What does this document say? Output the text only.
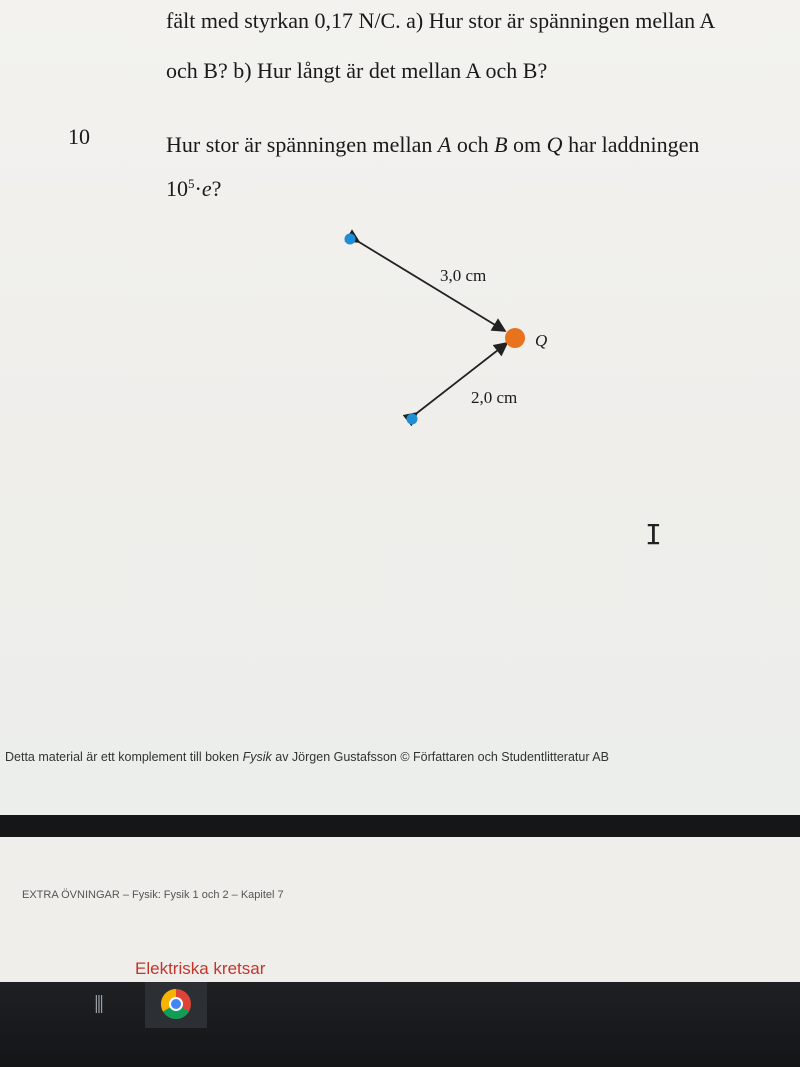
fält med styrkan 0,17 N/C. a) Hur stor är spänningen mellan A
och B? b) Hur långt är det mellan A och B?
10	Hur stor är spänningen mellan A och B om Q har laddningen
$10^5\cdot e$?
3,0 cm
2,0 cm
Q
I
Detta material är ett komplement till boken Fysik av Jörgen Gustafsson © Författaren och Studentlitteratur AB
EXTRA ÖVNINGAR – Fysik: Fysik 1 och 2 – Kapitel 7
Elektriska kretsar
⫼
